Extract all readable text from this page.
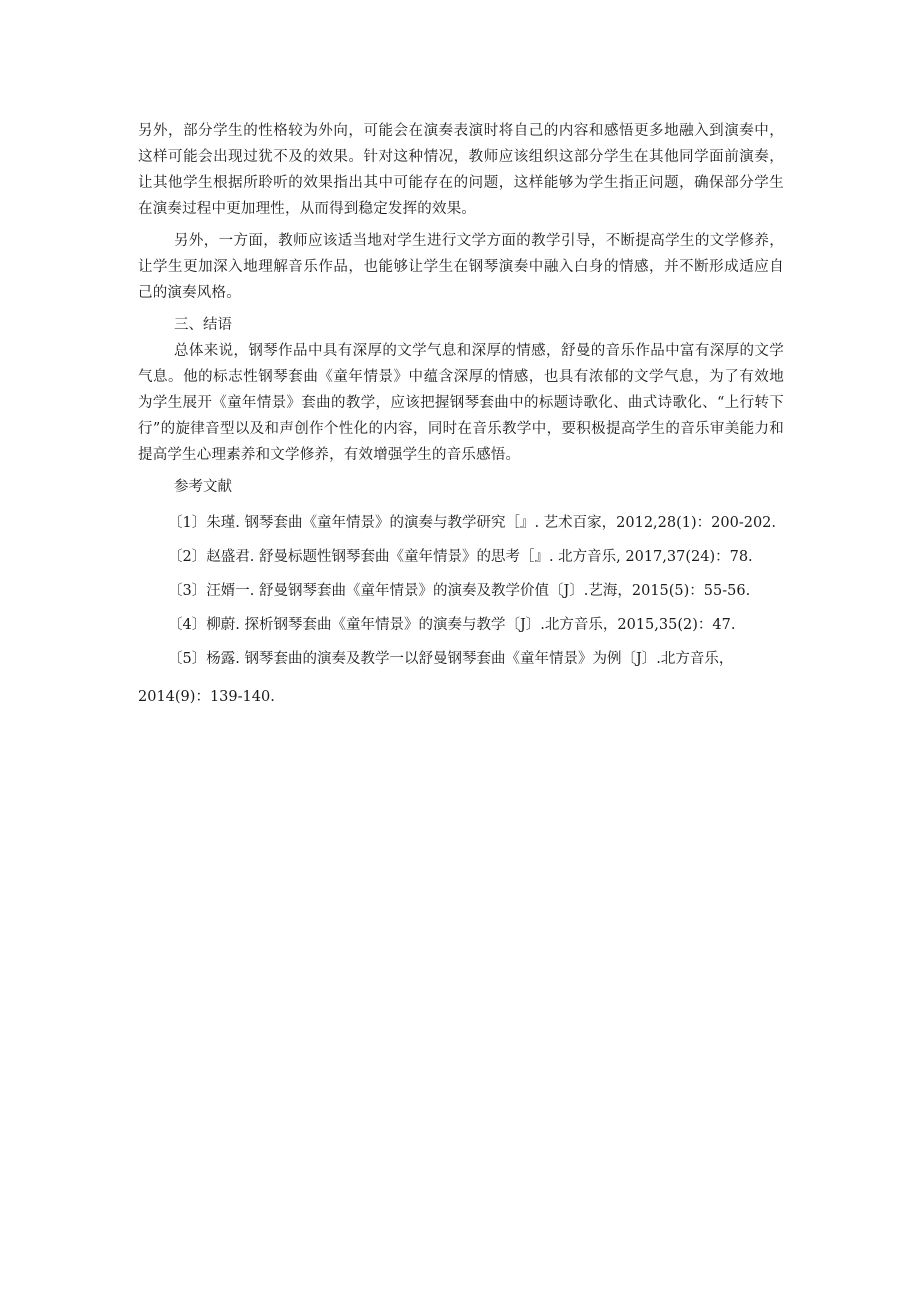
另外，部分学生的性格较为外向，可能会在演奏表演时将自己的内容和感悟更多地融入到演奏中，这样可能会出现过犹不及的效果。针对这种情况，教师应该组织这部分学生在其他同学面前演奏，让其他学生根据所聆听的效果指出其中可能存在的问题，这样能够为学生指正问题，确保部分学生在演奏过程中更加理性，从而得到稳定发挥的效果。

另外，一方面，教师应该适当地对学生进行文学方面的教学引导，不断提高学生的文学修养，让学生更加深入地理解音乐作品，也能够让学生在钢琴演奏中融入白身的情感，并不断形成适应自己的演奏风格。

三、结语

总体来说，钢琴作品中具有深厚的文学气息和深厚的情感，舒曼的音乐作品中富有深厚的文学气息。他的标志性钢琴套曲《童年情景》中蕴含深厚的情感，也具有浓郁的文学气息，为了有效地为学生展开《童年情景》套曲的教学，应该把握钢琴套曲中的标题诗歌化、曲式诗歌化、“上行转下行”的旋律音型以及和声创作个性化的内容，同时在音乐教学中，要积极提高学生的音乐审美能力和提高学生心理素养和文学修养，有效增强学生的音乐感悟。

参考文献

〔1〕朱瑾. 钢琴套曲《童年情景》的演奏与教学研究［』. 艺术百家，2012,28(1)：200-202.

〔2〕赵盛君. 舒曼标题性钢琴套曲《童年情景》的思考［』. 北方音乐, 2017,37(24)：78.

〔3〕汪婿一. 舒曼钢琴套曲《童年情景》的演奏及教学价值〔J〕.艺海，2015(5)：55-56.

〔4〕柳蔚. 探析钢琴套曲《童年情景》的演奏与教学〔J〕.北方音乐，2015,35(2)：47.

〔5〕杨露. 钢琴套曲的演奏及教学一以舒曼钢琴套曲《童年情景》为例〔J〕.北方音乐，
2014(9)：139-140.
